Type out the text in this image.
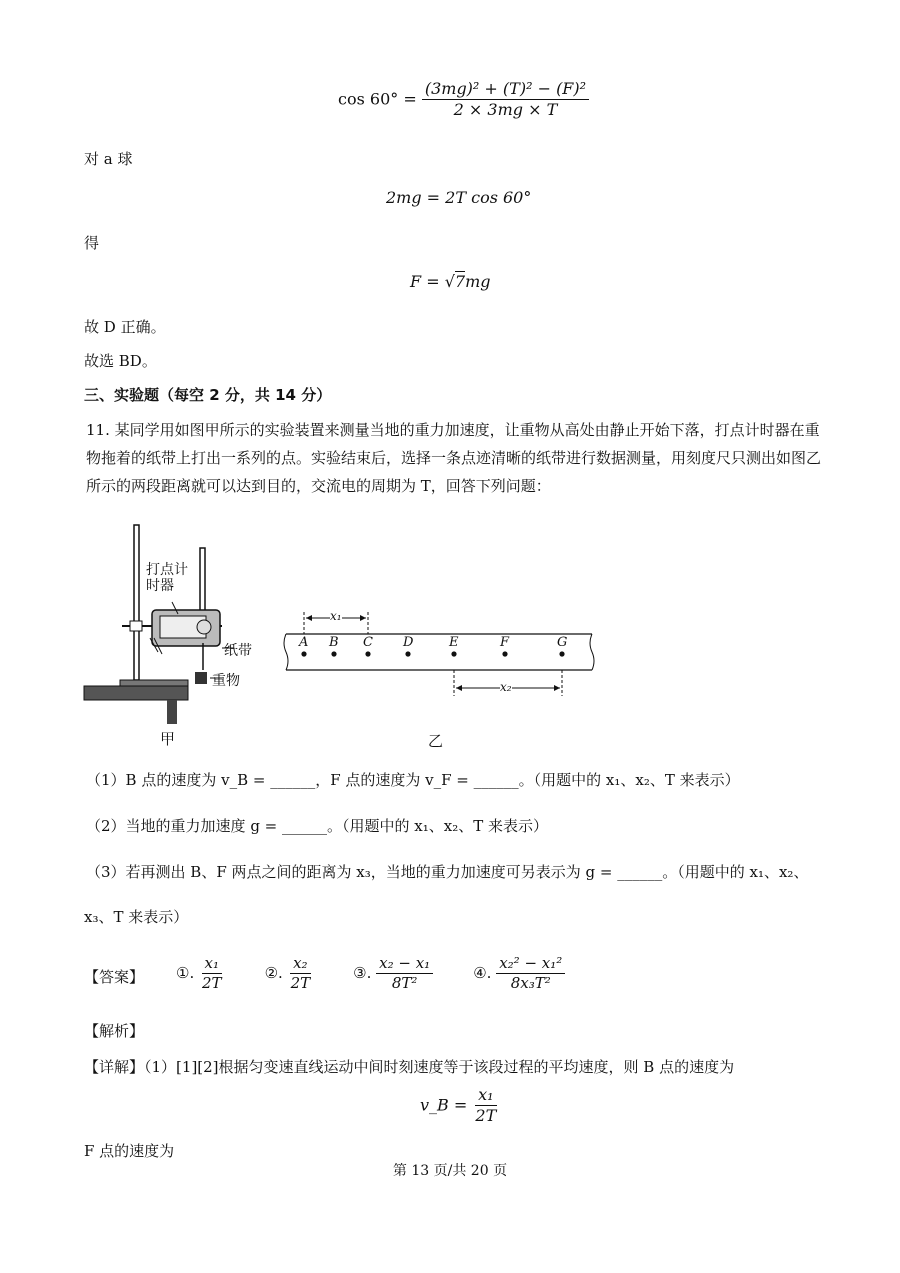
$\cos 60^\circ = \frac{\text{(3mg)² + (T)² − (F)²}}{2 \times 3mg \times T}$
对 a 球
2mg = 2T cos 60°
得
F = √7mg
故 D 正确。
故选 BD。
三、实验题（每空 2 分，共 14 分）
11. 某同学用如图甲所示的实验装置来测量当地的重力加速度，让重物从高处由静止开始下落，打点计时器在重物拖着的纸带上打出一系列的点。实验结束后，选择一条点迹清晰的纸带进行数据测量，用刻度尺只测出如图乙所示的两段距离就可以达到目的，交流电的周期为 T，回答下列问题：
打点计
时器
纸带
重物
甲
x₁
x₂
A B C D	E	F	G
乙
（1）B 点的速度为 v_B = ______，F 点的速度为 v_F = ______。（用题中的 x₁、x₂、T 来表示）
（2）当地的重力加速度 g = ______。（用题中的 x₁、x₂、T 来表示）
（3）若再测出 B、F 两点之间的距离为 x₃，当地的重力加速度可另表示为 g = ______。（用题中的 x₁、x₂、
x₃、T 来表示）
【答案】 ①. $\frac{\text{x₁}}{2T}$	②. $\frac{\text{x₂}}{2T}$	③. $\frac{\text{x₂ − x₁}}{\text{8T²}}$	④. $\frac{\text{x₂² − x₁²}}{\text{8x₃T²}}$
【解析】
【详解】（1）[1][2]根据匀变速直线运动中间时刻速度等于该段过程的平均速度，则 B 点的速度为
v_B = $\frac{\text{x₁}}{2T}$
F 点的速度为
第 13 页/共 20 页
